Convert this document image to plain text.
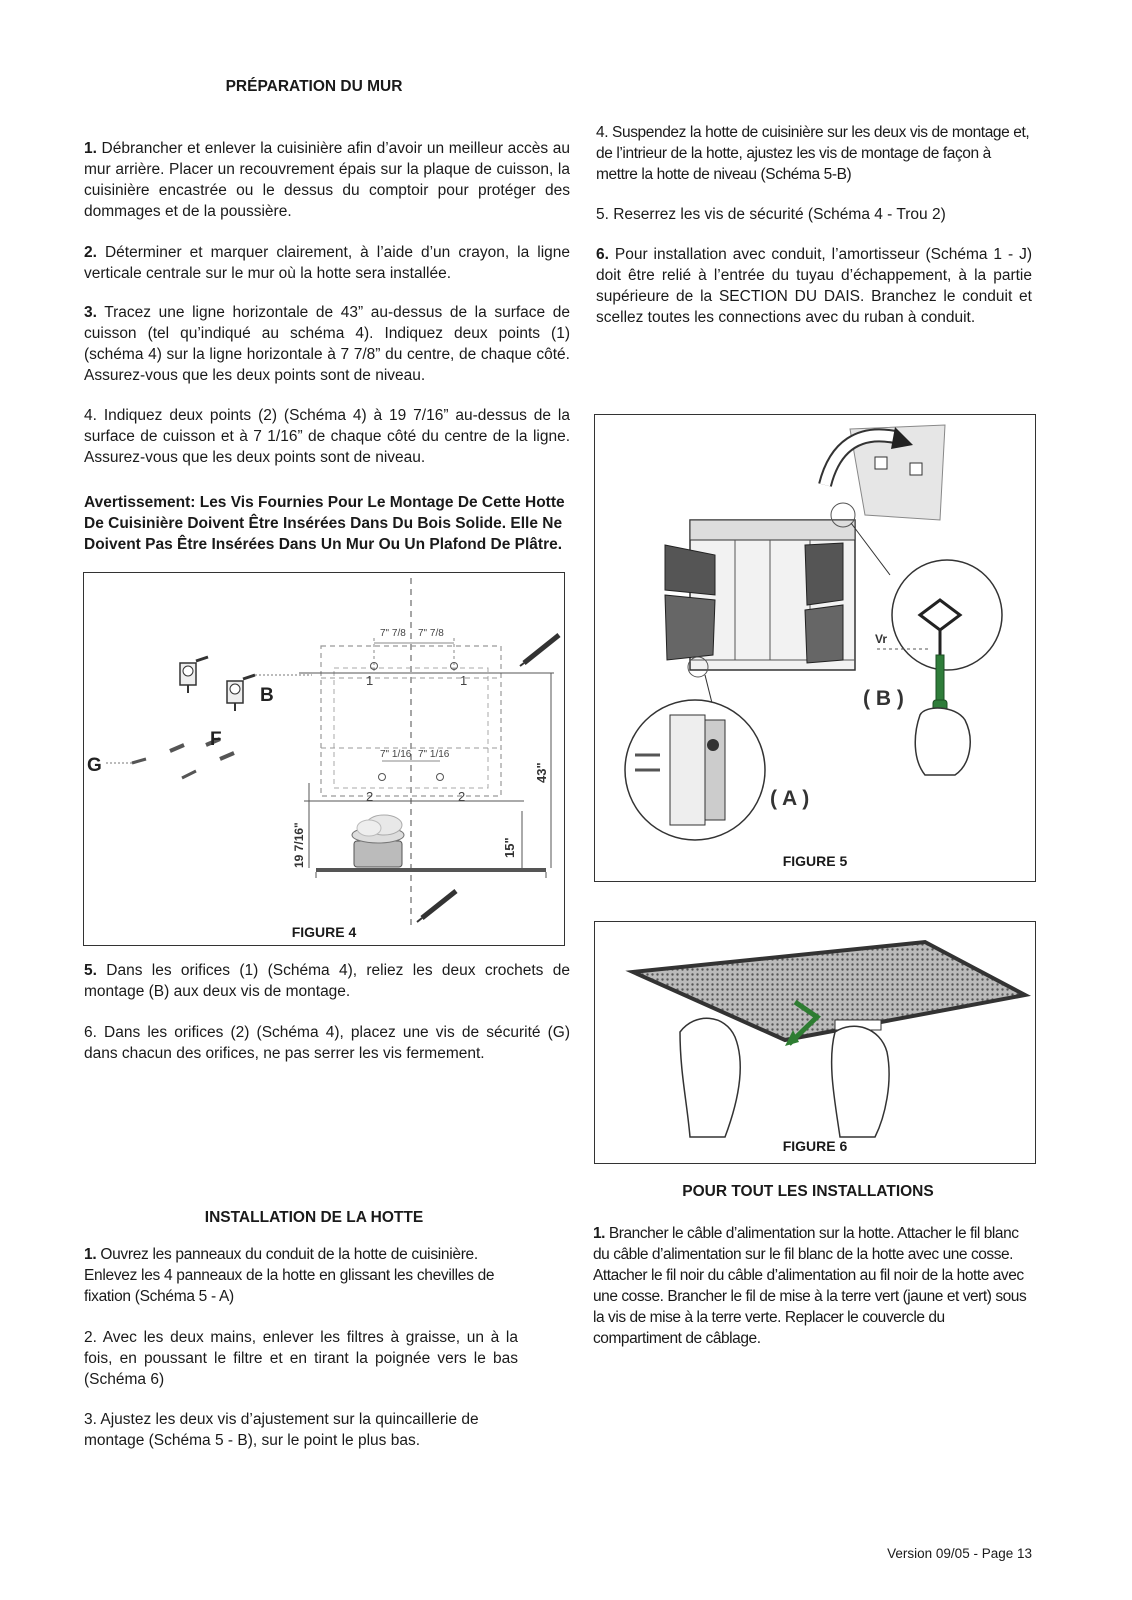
PRÉPARATION DU MUR

1. Débrancher et enlever la cuisinière afin d’avoir un meilleur accès au mur arrière. Placer un recouvrement épais sur la plaque de cuisson, la cuisinière encastrée ou le dessus du comptoir pour protéger des dommages et de la poussière.

2. Déterminer et marquer clairement, à l’aide d’un crayon, la ligne verticale centrale sur le mur où la hotte sera installée.

3. Tracez une ligne horizontale de 43” au-dessus de la surface de cuisson (tel qu’indiqué au schéma 4). Indiquez deux points (1) (schéma 4) sur la ligne horizontale à 7 7/8” du centre, de chaque côté. Assurez-vous que les deux points sont de niveau.

4. Indiquez deux points (2) (Schéma 4) à 19 7/16” au-dessus de la surface de cuisson et à 7 1/16” de chaque côté du centre de la ligne. Assurez-vous que les deux points sont de niveau.

Avertissement: Les Vis Fournies Pour Le Montage De Cette Hotte De Cuisinière Doivent Être Insérées Dans Du Bois Solide. Elle Ne Doivent Pas Être Insérées Dans Un Mur Ou Un Plafond De Plâtre.

7" 7/8 7" 7/8
1	1
7" 1/16 7" 1/16
2	2
43"
15"
19 7/16"
B
F
G
FIGURE 4

5. Dans les orifices (1) (Schéma 4), reliez les deux crochets de montage (B) aux deux vis de montage.

6. Dans les orifices (2) (Schéma 4), placez une vis de sécurité (G) dans chacun des orifices, ne pas serrer les vis fermement.

INSTALLATION DE LA HOTTE

1. Ouvrez les panneaux du conduit de la hotte de cuisinière. Enlevez les 4 panneaux de la hotte en glissant les chevilles de fixation (Schéma 5 - A)

2. Avec les deux mains, enlever les filtres à graisse, un à la fois, en poussant le filtre et en tirant la poignée vers le bas (Schéma 6)

3. Ajustez les deux vis d’ajustement sur la quincaillerie de montage (Schéma 5 - B), sur le point le plus bas.

4. Suspendez la hotte de cuisinière sur les deux vis de montage et, de l’intrieur de la hotte, ajustez les vis de montage de façon à mettre la hotte de niveau (Schéma 5-B)

5. Reserrez les vis de sécurité (Schéma 4 - Trou 2)

6. Pour installation avec conduit, l’amortisseur (Schéma 1 - J) doit être relié à l’entrée du tuyau d’échappement, à la partie supérieure de la SECTION DU DAIS. Branchez le conduit et scellez toutes les connections avec du ruban à conduit.

Vr
( B )
( A )
FIGURE 5
FIGURE 6
POUR TOUT LES INSTALLATIONS

1. Brancher le câble d’alimentation sur la hotte. Attacher le fil blanc du câble d’alimentation sur le fil blanc de la hotte avec une cosse. Attacher le fil noir du câble d’alimentation au fil noir de la hotte avec une cosse. Brancher le fil de mise à la terre vert (jaune et vert) sous la vis de mise à la terre verte. Replacer le couvercle du compartiment de câblage.

Version 09/05 - Page 13
